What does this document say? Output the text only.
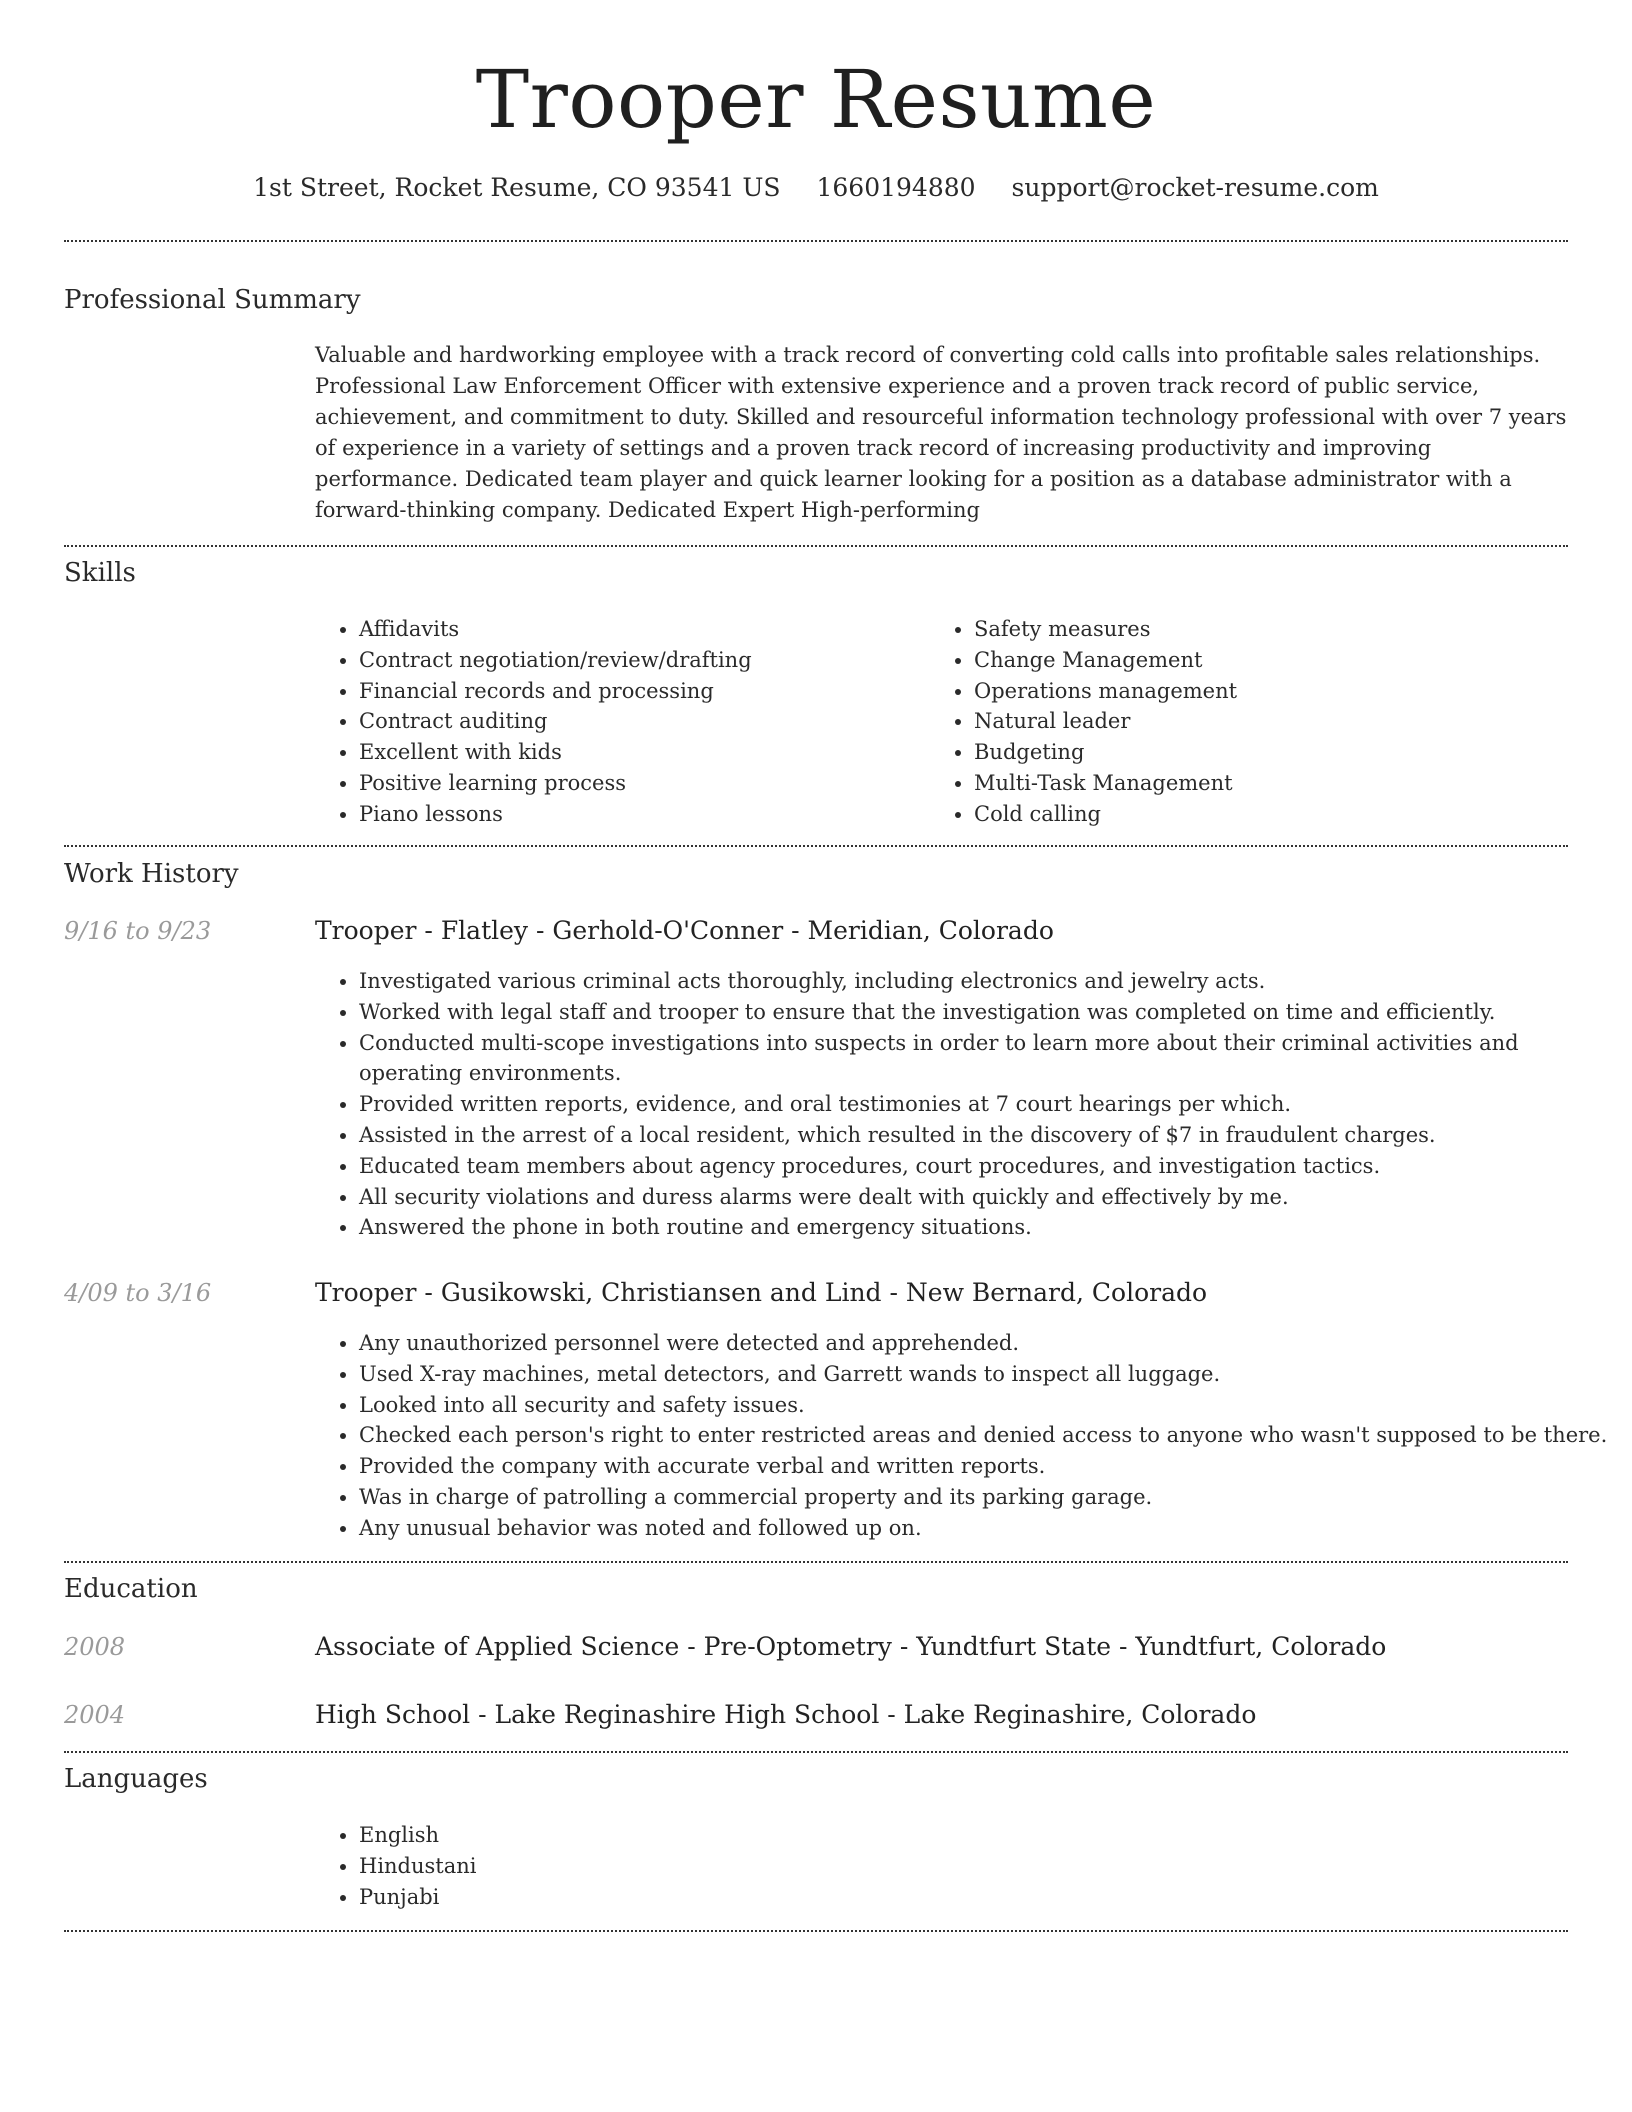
Trooper Resume
1st Street, Rocket Resume, CO 93541 US 1660194880 support@rocket-resume.com
Professional Summary

Valuable and hardworking employee with a track record of converting cold calls into profitable sales relationships. Professional Law Enforcement Officer with extensive experience and a proven track record of public service, achievement, and commitment to duty. Skilled and resourceful information technology professional with over 7 years of experience in a variety of settings and a proven track record of increasing productivity and improving performance. Dedicated team player and quick learner looking for a position as a database administrator with a forward-thinking company. Dedicated Expert High-performing

Skills
• Affidavits
• Contract negotiation/review/drafting
• Financial records and processing
• Contract auditing
• Excellent with kids
• Positive learning process
• Piano lessons
• Safety measures
• Change Management
• Operations management
• Natural leader
• Budgeting
• Multi-Task Management
• Cold calling
Work History
9/16 to 9/23	Trooper - Flatley - Gerhold-O'Conner - Meridian, Colorado
• Investigated various criminal acts thoroughly, including electronics and jewelry acts.
• Worked with legal staff and trooper to ensure that the investigation was completed on time and efficiently.
• Conducted multi-scope investigations into suspects in order to learn more about their criminal activities and operating environments.
• Provided written reports, evidence, and oral testimonies at 7 court hearings per which.
• Assisted in the arrest of a local resident, which resulted in the discovery of $7 in fraudulent charges.
• Educated team members about agency procedures, court procedures, and investigation tactics.
• All security violations and duress alarms were dealt with quickly and effectively by me.
• Answered the phone in both routine and emergency situations.
4/09 to 3/16	Trooper - Gusikowski, Christiansen and Lind - New Bernard, Colorado
• Any unauthorized personnel were detected and apprehended.
• Used X-ray machines, metal detectors, and Garrett wands to inspect all luggage.
• Looked into all security and safety issues.
• Checked each person's right to enter restricted areas and denied access to anyone who wasn't supposed to be there.
• Provided the company with accurate verbal and written reports.
• Was in charge of patrolling a commercial property and its parking garage.
• Any unusual behavior was noted and followed up on.
Education
2008	Associate of Applied Science - Pre-Optometry - Yundtfurt State - Yundtfurt, Colorado
2004	High School - Lake Reginashire High School - Lake Reginashire, Colorado
Languages
• English
• Hindustani
• Punjabi
